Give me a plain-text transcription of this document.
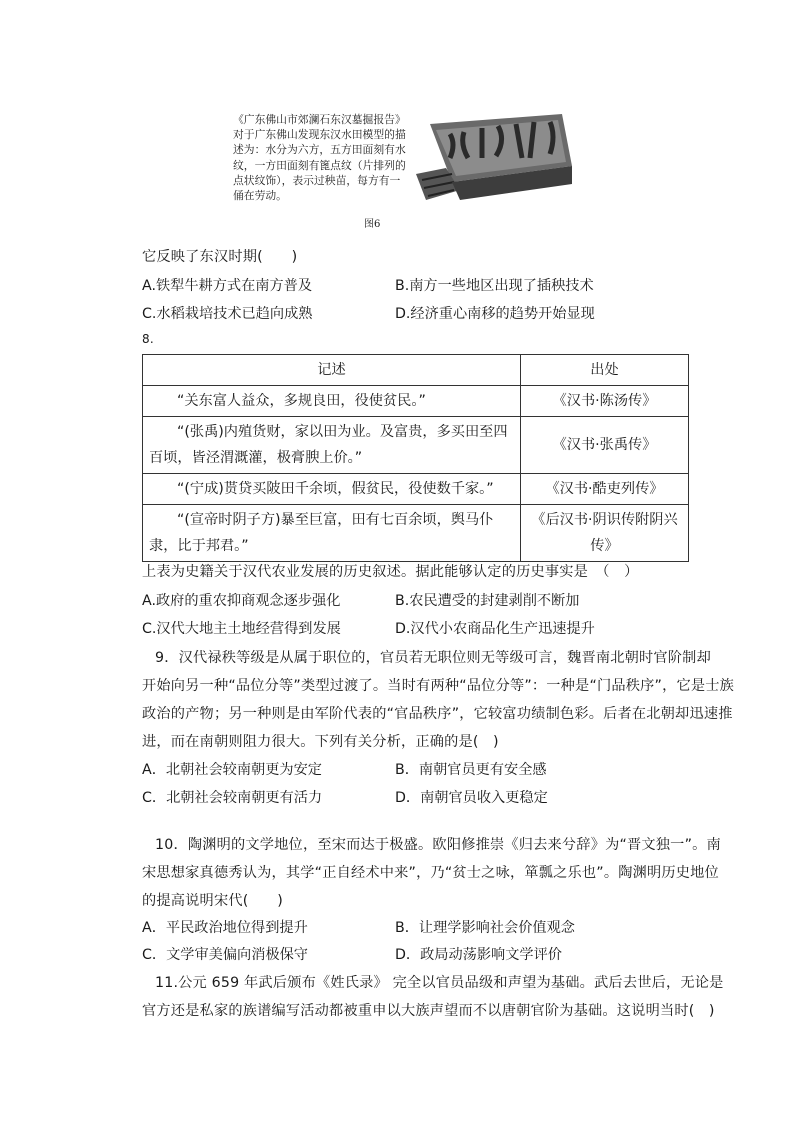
《广东佛山市郊澜石东汉墓掘报告》对于广东佛山发现东汉水田模型的描述为：水分为六方，五方田面刻有水纹，一方田面刻有篦点纹（片排列的点状纹饰），表示过秧苗，每方有一俑在劳动。
图6
它反映了东汉时期(　　)
A.铁犁牛耕方式在南方普及	B.南方一些地区出现了插秧技术
C.水稻栽培技术已趋向成熟	D.经济重心南移的趋势开始显现
8.
记述	出处
“关东富人益众，多规良田，役使贫民。”	《汉书·陈汤传》
“(张禹)内殖货财，家以田为业。及富贵，多买田至四百顷，皆泾渭溉灌，极膏腴上价。”	《汉书·张禹传》
“(宁成)贳贷买陂田千余顷，假贫民，役使数千家。”	《汉书·酷吏列传》
“(宣帝时阴子方)暴至巨富，田有七百余顷，舆马仆隶，比于邦君。”	《后汉书·阴识传附阴兴传》
上表为史籍关于汉代农业发展的历史叙述。据此能够认定的历史事实是　（　）
A.政府的重农抑商观念逐步强化	B.农民遭受的封建剥削不断加
C.汉代大地主土地经营得到发展	D.汉代小农商品化生产迅速提升
9．汉代禄秩等级是从属于职位的，官员若无职位则无等级可言，魏晋南北朝时官阶制却
开始向另一种“品位分等”类型过渡了。当时有两种“品位分等”：一种是“门品秩序”，它是士族
政治的产物；另一种则是由军阶代表的“官品秩序”，它较富功绩制色彩。后者在北朝却迅速推
进，而在南朝则阻力很大。下列有关分析，正确的是(　)
A．北朝社会较南朝更为安定	B．南朝官员更有安全感
C．北朝社会较南朝更有活力	D．南朝官员收入更稳定
10．陶渊明的文学地位，至宋而达于极盛。欧阳修推崇《归去来兮辞》为“晋文独一”。南
宋思想家真德秀认为，其学“正自经术中来”，乃“贫士之咏，箪瓢之乐也”。陶渊明历史地位
的提高说明宋代(　　)
A．平民政治地位得到提升	B．让理学影响社会价值观念
C．文学审美偏向消极保守	D．政局动荡影响文学评价
11.公元 659 年武后颁布《姓氏录》 完全以官员品级和声望为基础。武后去世后，无论是
官方还是私家的族谱编写活动都被重申以大族声望而不以唐朝官阶为基础。这说明当时(　)
